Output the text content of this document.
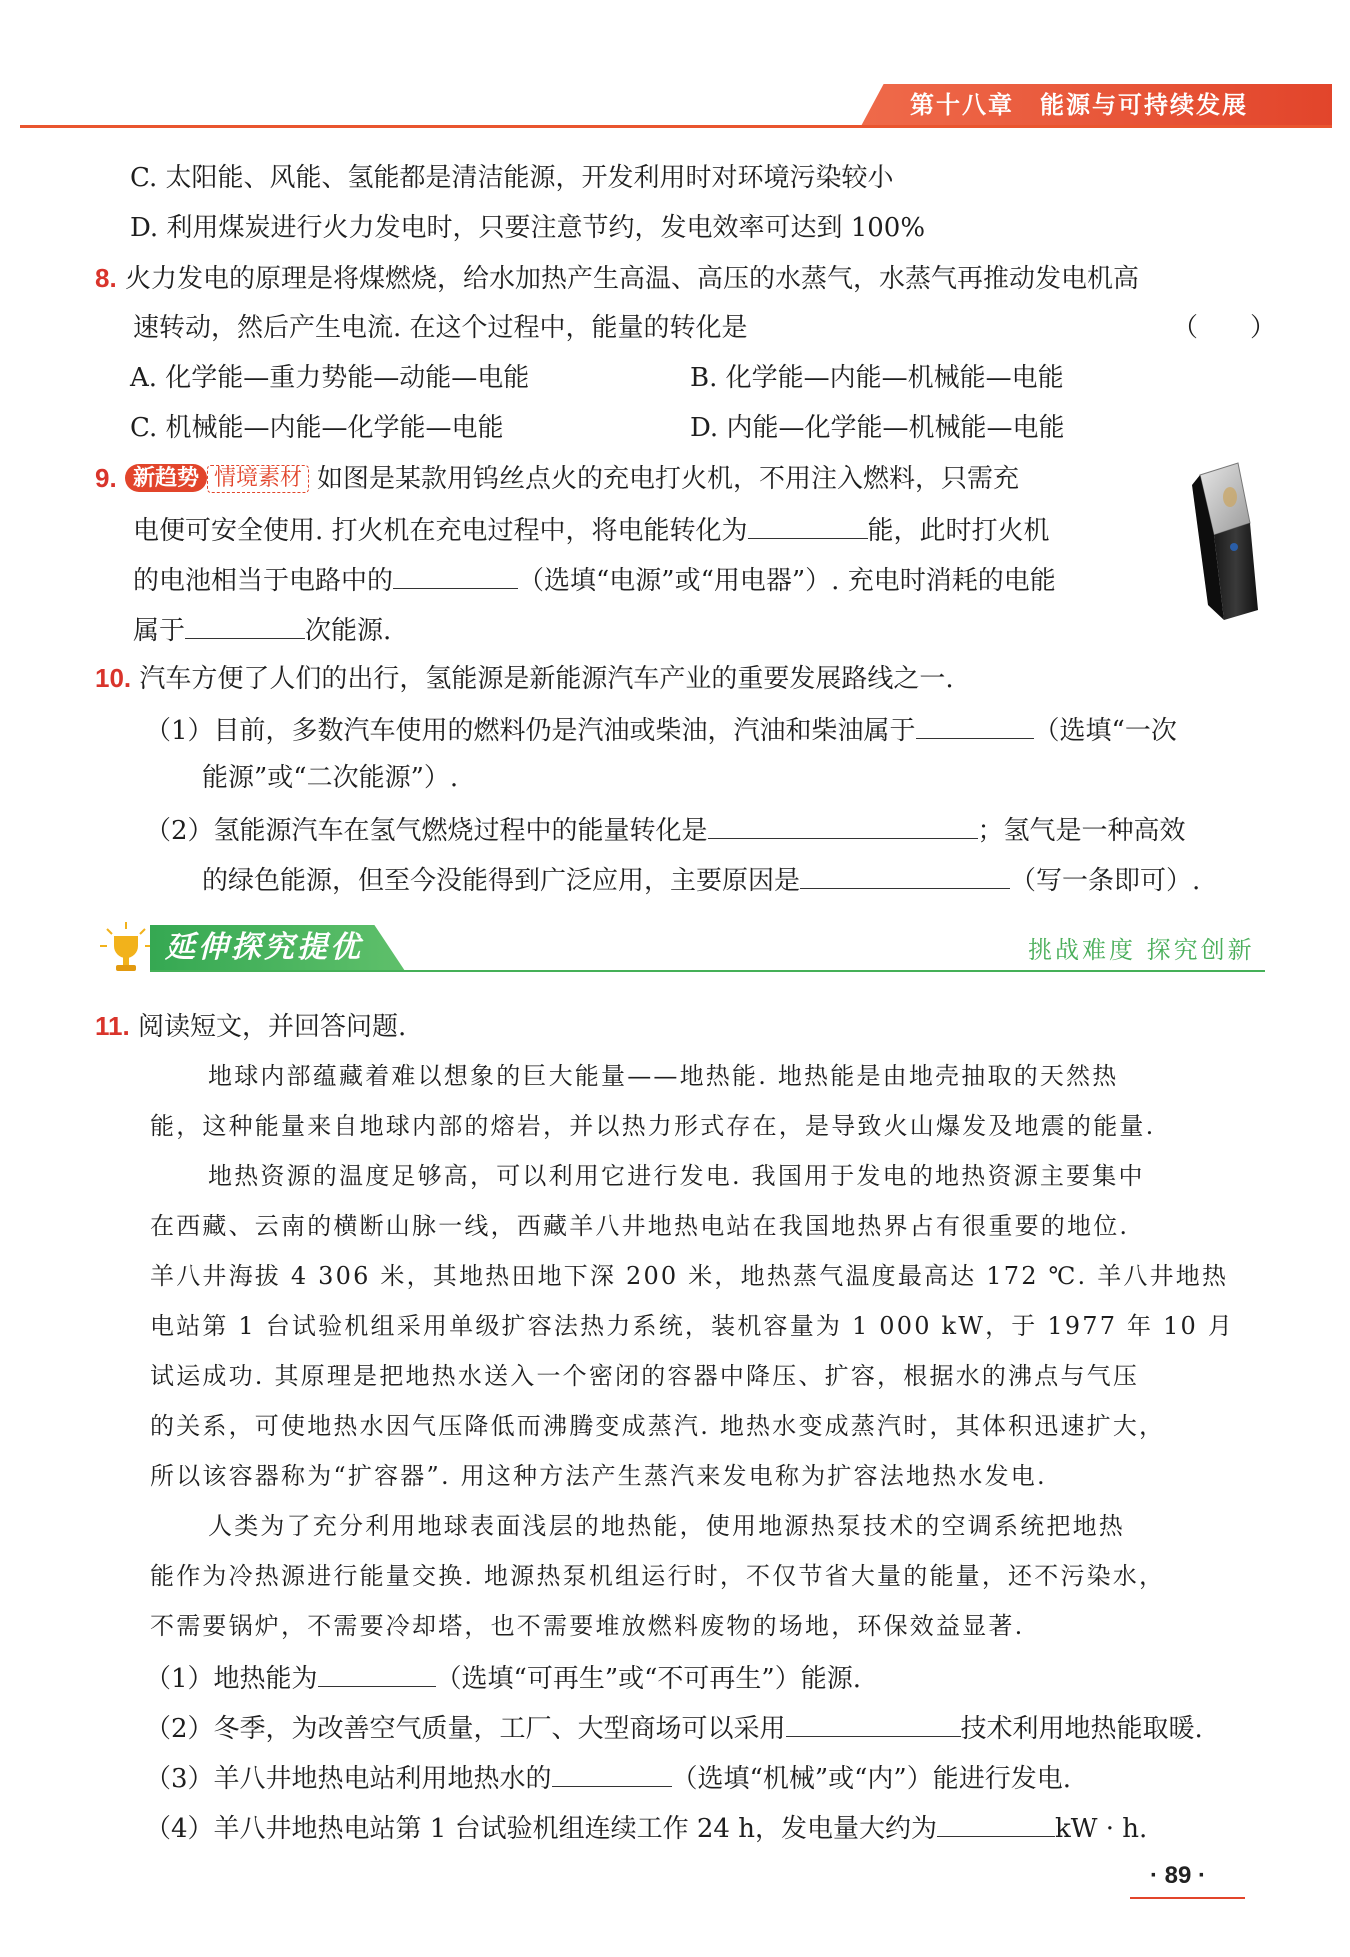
第十八章 能源与可持续发展
C. 太阳能、风能、氢能都是清洁能源，开发利用时对环境污染较小
D. 利用煤炭进行火力发电时，只要注意节约，发电效率可达到 100%
8. 火力发电的原理是将煤燃烧，给水加热产生高温、高压的水蒸气，水蒸气再推动发电机高
速转动，然后产生电流. 在这个过程中，能量的转化是	（　　）
A. 化学能—重力势能—动能—电能	B. 化学能—内能—机械能—电能
C. 机械能—内能—化学能—电能	D. 内能—化学能—机械能—电能
9. 新趋势 情境素材 如图是某款用钨丝点火的充电打火机，不用注入燃料，只需充
电便可安全使用. 打火机在充电过程中，将电能转化为	能，此时打火机
的电池相当于电路中的	（选填“电源”或“用电器”）. 充电时消耗的电能
属于	次能源.
10. 汽车方便了人们的出行，氢能源是新能源汽车产业的重要发展路线之一.
（1）目前，多数汽车使用的燃料仍是汽油或柴油，汽油和柴油属于	（选填“一次
能源”或“二次能源”）.
（2）氢能源汽车在氢气燃烧过程中的能量转化是	；氢气是一种高效
的绿色能源，但至今没能得到广泛应用，主要原因是	（写一条即可）.
延伸探究提优	挑战难度 探究创新
11. 阅读短文，并回答问题.
地球内部蕴藏着难以想象的巨大能量——地热能. 地热能是由地壳抽取的天然热
能，这种能量来自地球内部的熔岩，并以热力形式存在，是导致火山爆发及地震的能量.
地热资源的温度足够高，可以利用它进行发电. 我国用于发电的地热资源主要集中
在西藏、云南的横断山脉一线，西藏羊八井地热电站在我国地热界占有很重要的地位.
羊八井海拔 4 306 米，其地热田地下深 200 米，地热蒸气温度最高达 172 ℃. 羊八井地热
电站第 1 台试验机组采用单级扩容法热力系统，装机容量为 1 000 kW，于 1977 年 10 月
试运成功. 其原理是把地热水送入一个密闭的容器中降压、扩容，根据水的沸点与气压
的关系，可使地热水因气压降低而沸腾变成蒸汽. 地热水变成蒸汽时，其体积迅速扩大，
所以该容器称为“扩容器”. 用这种方法产生蒸汽来发电称为扩容法地热水发电.
人类为了充分利用地球表面浅层的地热能，使用地源热泵技术的空调系统把地热
能作为冷热源进行能量交换. 地源热泵机组运行时，不仅节省大量的能量，还不污染水，
不需要锅炉，不需要冷却塔，也不需要堆放燃料废物的场地，环保效益显著.
（1）地热能为	（选填“可再生”或“不可再生”）能源.
（2）冬季，为改善空气质量，工厂、大型商场可以采用	技术利用地热能取暖.
（3）羊八井地热电站利用地热水的	（选填“机械”或“内”）能进行发电.
（4）羊八井地热电站第 1 台试验机组连续工作 24 h，发电量大约为	kW · h.
· 89 ·
